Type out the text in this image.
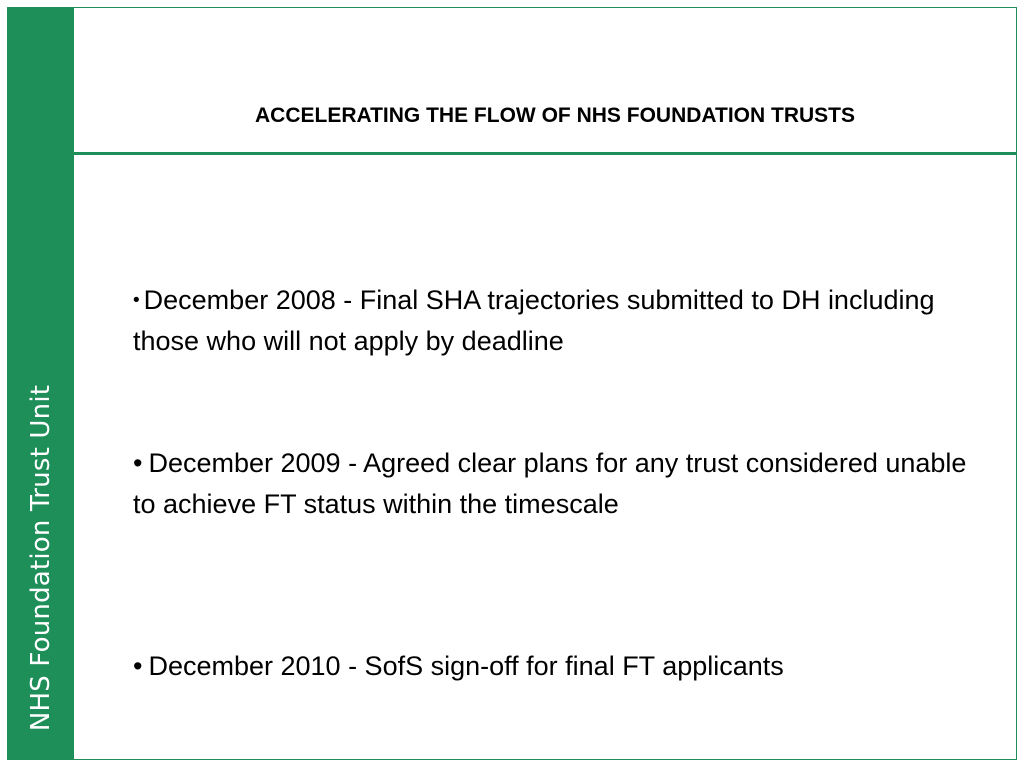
NHS Foundation Trust Unit
ACCELERATING THE FLOW OF NHS FOUNDATION TRUSTS
• December 2008 - Final SHA trajectories submitted to DH including those who will not apply by deadline
• December 2009 - Agreed clear plans for any trust considered unable to achieve FT status within the timescale
• December 2010 - SofS sign-off for final FT applicants
